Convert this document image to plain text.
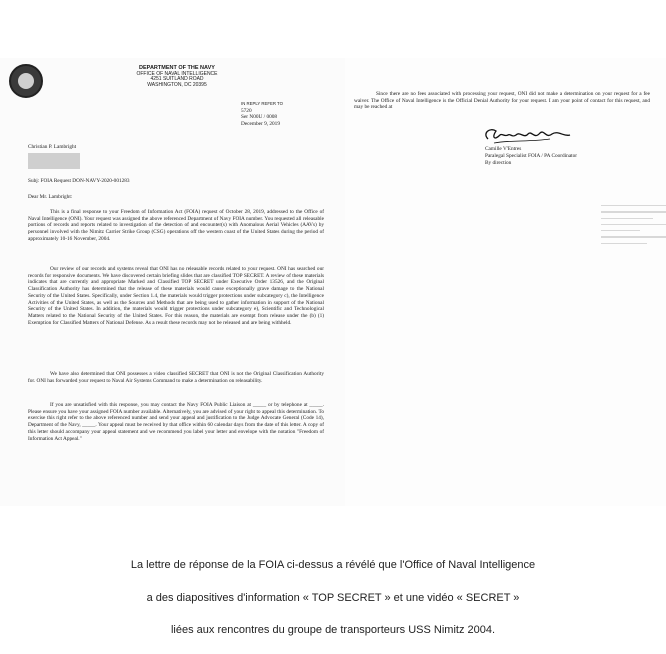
DEPARTMENT OF THE NAVY
OFFICE OF NAVAL INTELLIGENCE
4251 SUITLAND ROAD
WASHINGTON, DC 20395
IN REPLY REFER TO
5720
Ser N00U / 0008
December 9, 2019
Christian P. Lambright
Subj: FOIA Request DON-NAVY-2020-001283
Dear Mr. Lambright:
This is a final response to your Freedom of Information Act (FOIA) request of October 28, 2019, addressed to the Office of Naval Intelligence (ONI). Your request was assigned the above referenced Department of Navy FOIA number. You requested all releasable portions of records and reports related to investigation of the detection of and encounter(s) with Anomalous Aerial Vehicles (AAVs) by personnel involved with the Nimitz Carrier Strike Group (CSG) operations off the western coast of the United States during the period of approximately 10-16 November, 2004.
Our review of our records and systems reveal that ONI has no releasable records related to your request. ONI has searched our records for responsive documents. We have discovered certain briefing slides that are classified TOP SECRET. A review of these materials indicates that are currently and appropriate Marked and Classified TOP SECRET under Executive Order 13526, and the Original Classification Authority has determined that the release of these materials would cause exceptionally grave damage to the National Security of the United States. Specifically, under Section 1.4, the materials would trigger protections under subcategory c), the Intelligence Activities of the United States, as well as the Sources and Methods that are being used to gather information in support of the National Security of the United States. In addition, the materials would trigger protections under subcategory e), Scientific and Technological Matters related to the National Security of the United States. For this reason, the materials are exempt from release under the (b) (1) Exemption for Classified Matters of National Defense. As a result these records may not be released and are being withheld.
We have also determined that ONI possesses a video classified SECRET that ONI is not the Original Classification Authority for. ONI has forwarded your request to Naval Air Systems Command to make a determination on releasability.
If you are unsatisfied with this response, you may contact the Navy FOIA Public Liaison at _____ or by telephone at _____. Please ensure you have your assigned FOIA number available. Alternatively, you are advised of your right to appeal this determination. To exercise this right refer to the above referenced number and send your appeal and justification to the Judge Advocate General (Code 14), Department of the Navy, _____. Your appeal must be received by that office within 60 calendar days from the date of this letter. A copy of this letter should accompany your appeal statement and we recommend you label your letter and envelope with the notation "Freedom of Information Act Appeal."
Since there are no fees associated with processing your request, ONI did not make a determination on your request for a fee waiver. The Office of Naval Intelligence is the Official Denial Authority for your request. I am your point of contact for this request, and may be reached at
Camille V'Entres
Paralegal Specialist FOIA / PA Coordinator
By direction
La lettre de réponse de la FOIA ci-dessus a révélé que l'Office of Naval Intelligence
a des diapositives d'information « TOP SECRET » et une vidéo « SECRET »
liées aux rencontres du groupe de transporteurs USS Nimitz 2004.
